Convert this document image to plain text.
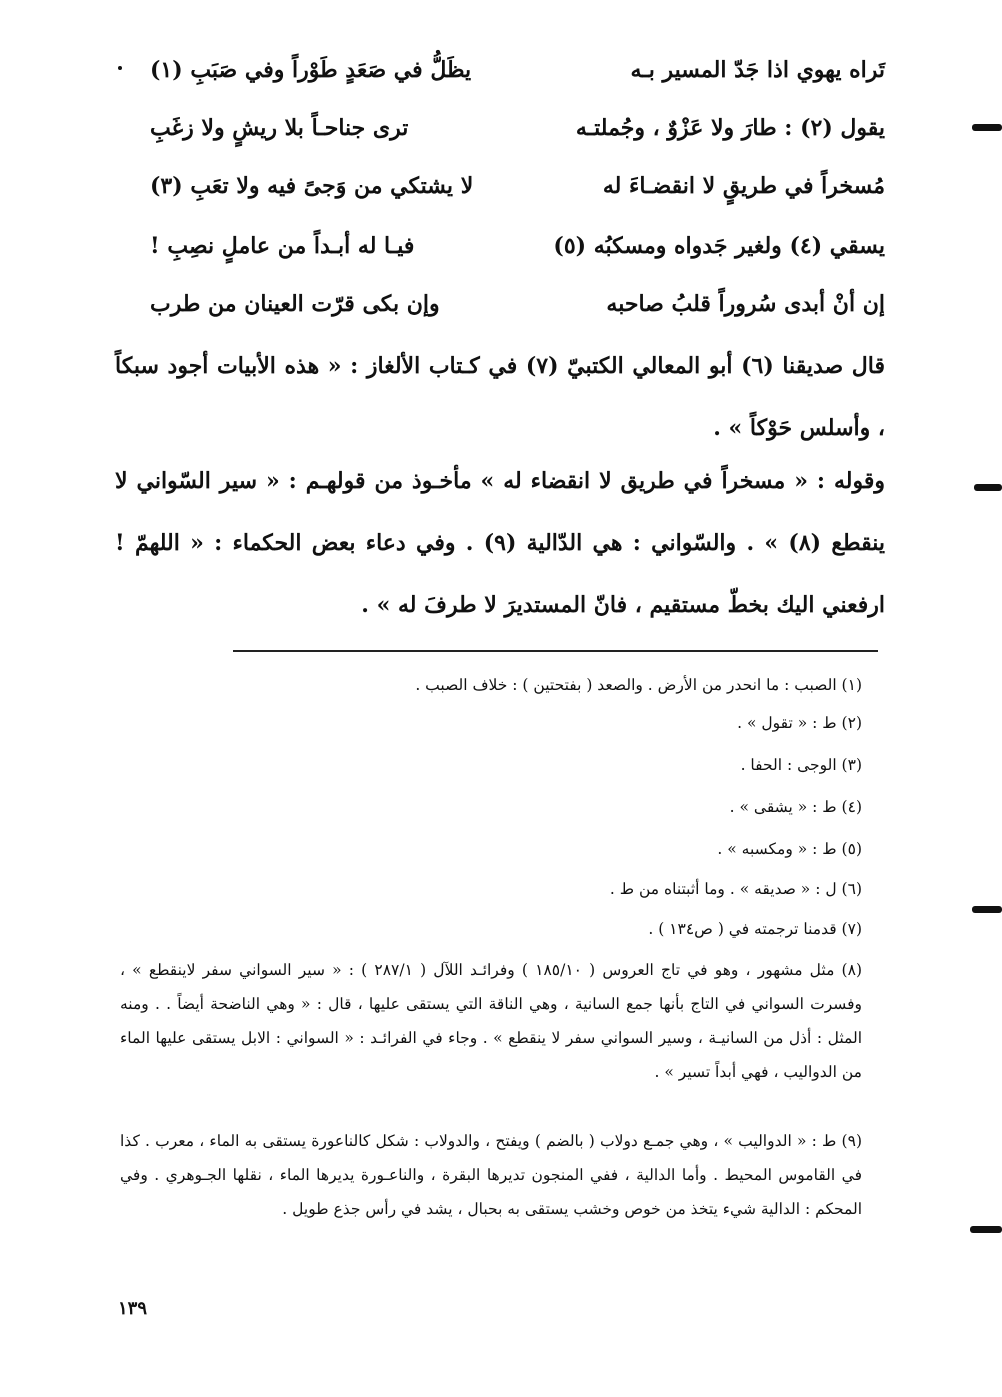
تَراه يهوي اذا جَدّ المسير بـه
يظَلُّ في صَعَدٍ طَوْراً وفي صَبَبِ (١)
يقول (٢) : طارَ ولا عَزْوٌ ، وجُملتـه
ترى جناحـاً بلا ريشٍ ولا زغَبِ
مُسخراً في طريقٍ لا انقضـاءَ له
لا يشتكي من وَجىً فيه ولا تعَبِ (٣)
يسقي (٤) ولغير جَدواه ومسكبُه (٥)
فيـا له أبـداً من عاملٍ نصِبِ !
إن أنْ أبدى سُروراً قلبُ صاحبه
وإن بكى قرّت العينان من طرب
قال صديقنا (٦) أبو المعالي الكتبيّ (٧) في كـتاب الألغاز : « هذه الأبيات أجود سبكاً ، وأسلس حَوْكاً » .
وقوله : « مسخراً في طريق لا انقضاء له » مأخـوذ من قولهـم : « سير السّواني لا ينقطع (٨) » . والسّواني : هي الدّالية (٩) . وفي دعاء بعض الحكماء : « اللهمّ ! ارفعني اليك بخطّ مستقيم ، فانّ المستديرَ لا طرفَ له » .
(١) الصبب : ما انحدر من الأرض . والصعد ( بفتحتين ) : خلاف الصبب .
(٢) ط : « تقول » .
(٣) الوجى : الحفا .
(٤) ط : « يشقى » .
(٥) ط : « ومكسبه » .
(٦) ل : « صديقه » . وما أثبتناه من ط .
(٧) قدمنا ترجمته في ( ص١٣٤ ) .
(٨) مثل مشهور ، وهو في تاج العروس ( ١٨٥/١٠ ) وفرائـد اللآل ( ٢٨٧/١ ) : « سير السواني سفر لاينقطع » ، وفسرت السواني في التاج بأنها جمع السانية ، وهي الناقة التي يستقى عليها ، قال : « وهي الناضحة أيضاً . . ومنه المثل : أذل من السانيـة ، وسير السواني سفر لا ينقطع » . وجاء في الفرائـد : « السواني : الابل يستقى عليها الماء من الدواليب ، فهي أبداً تسير » .
(٩) ط : « الدواليب » ، وهي جمـع دولاب ( بالضم ) ويفتح ، والدولاب : شكل كالناعورة يستقى به الماء ، معرب . كذا في القاموس المحيط . وأما الدالية ، ففي المنجون تديرها البقرة ، والناعـورة يديرها الماء ، نقلها الجـوهري . وفي المحكم : الدالية شيء يتخذ من خوص وخشب يستقى به بحبال ، يشد في رأس جذع طويل .
١٣٩
